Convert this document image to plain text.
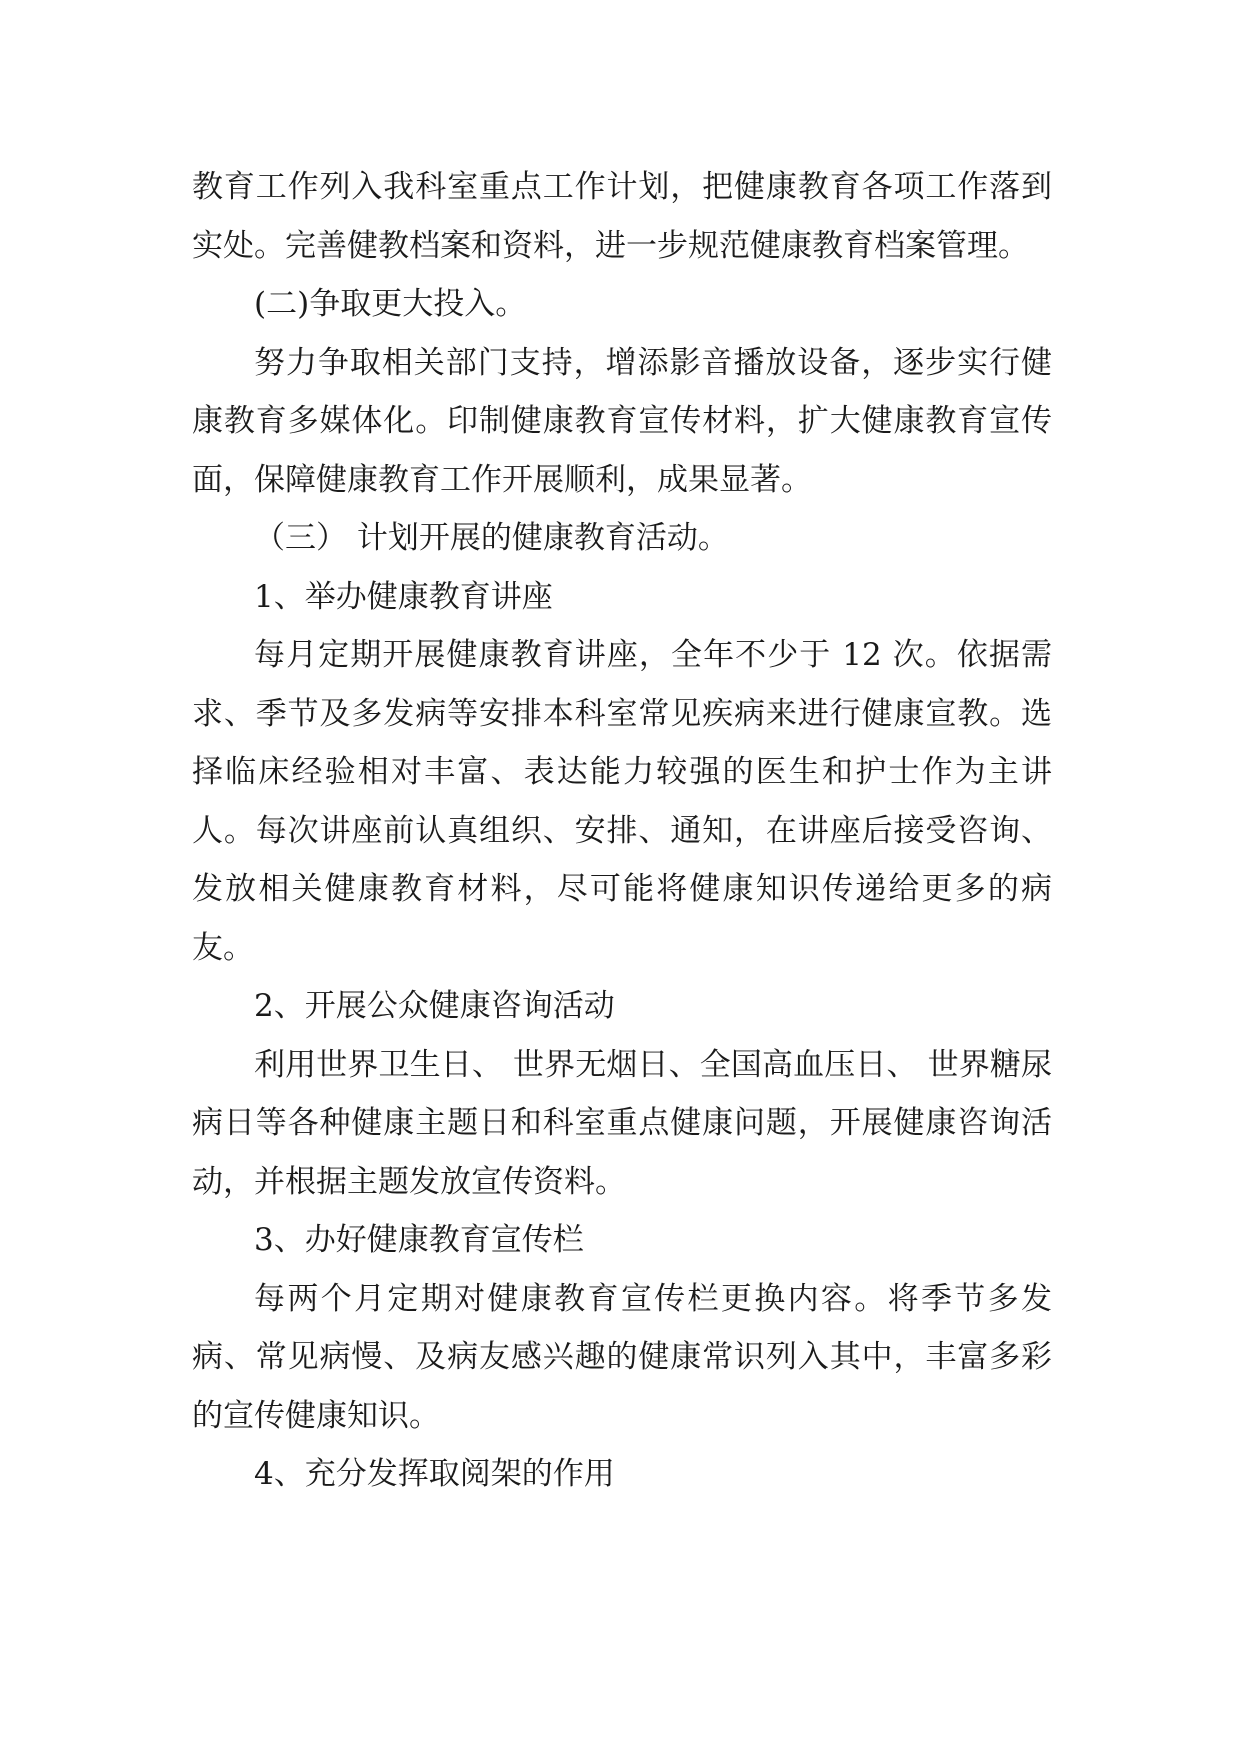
教育工作列入我科室重点工作计划，把健康教育各项工作落到实处。完善健教档案和资料，进一步规范健康教育档案管理。

(二)争取更大投入。

努力争取相关部门支持，增添影音播放设备，逐步实行健康教育多媒体化。印制健康教育宣传材料，扩大健康教育宣传面，保障健康教育工作开展顺利，成果显著。

（三） 计划开展的健康教育活动。

1、举办健康教育讲座

每月定期开展健康教育讲座，全年不少于 12 次。依据需求、季节及多发病等安排本科室常见疾病来进行健康宣教。选择临床经验相对丰富、表达能力较强的医生和护士作为主讲人。每次讲座前认真组织、安排、通知，在讲座后接受咨询、发放相关健康教育材料，尽可能将健康知识传递给更多的病友。

2、开展公众健康咨询活动

利用世界卫生日、 世界无烟日、全国高血压日、 世界糖尿病日等各种健康主题日和科室重点健康问题，开展健康咨询活动，并根据主题发放宣传资料。

3、办好健康教育宣传栏

每两个月定期对健康教育宣传栏更换内容。将季节多发病、常见病慢、及病友感兴趣的健康常识列入其中，丰富多彩的宣传健康知识。

4、充分发挥取阅架的作用
